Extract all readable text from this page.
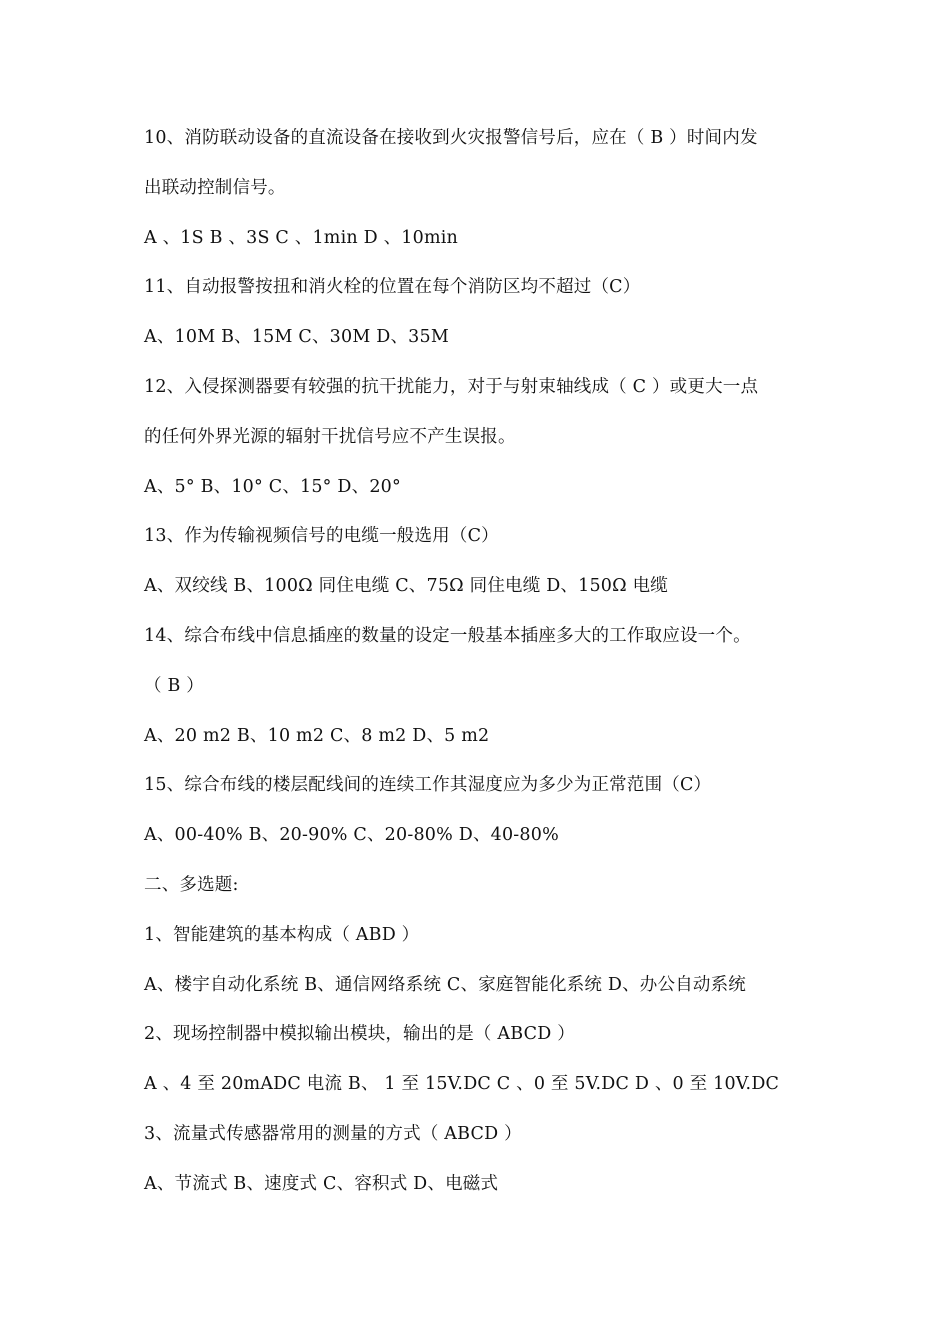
10、消防联动设备的直流设备在接收到火灾报警信号后，应在（ B ）时间内发
出联动控制信号。
A 、1S B 、3S C 、1min D 、10min
11、自动报警按扭和消火栓的位置在每个消防区均不超过（C）
A、10M B、15M C、30M D、35M
12、入侵探测器要有较强的抗干扰能力，对于与射束轴线成（ C ）或更大一点
的任何外界光源的辐射干扰信号应不产生误报。
A、5° B、10° C、15° D、20°
13、作为传输视频信号的电缆一般选用（C）
A、双绞线 B、100Ω 同住电缆 C、75Ω 同住电缆 D、150Ω 电缆
14、综合布线中信息插座的数量的设定一般基本插座多大的工作取应设一个。
（ B ）
A、20 m2 B、10 m2 C、8 m2 D、5 m2
15、综合布线的楼层配线间的连续工作其湿度应为多少为正常范围（C）
A、00-40% B、20-90% C、20-80% D、40-80%
二、多选题:
1、智能建筑的基本构成（ ABD ）
A、楼宇自动化系统 B、通信网络系统 C、家庭智能化系统 D、办公自动系统
2、现场控制器中模拟输出模块，输出的是（ ABCD ）
A 、4 至 20mADC 电流 B、 1 至 15V.DC C 、0 至 5V.DC D 、0 至 10V.DC
3、流量式传感器常用的测量的方式（ ABCD ）
A、节流式 B、速度式 C、容积式 D、电磁式
